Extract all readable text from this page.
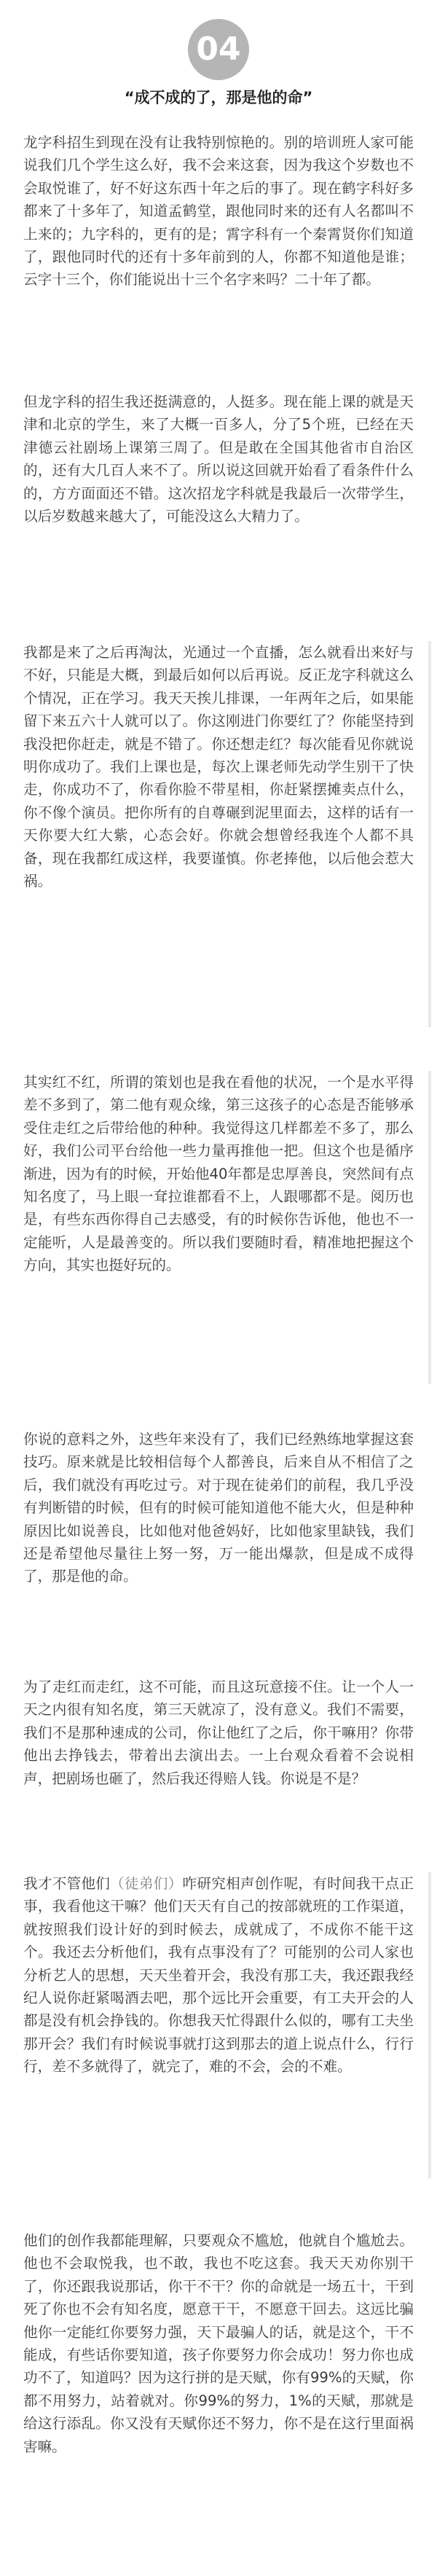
04
“成不成的了，那是他的命”

龙字科招生到现在没有让我特别惊艳的。别的培训班人家可能说我们几个学生这么好，我不会来这套，因为我这个岁数也不会取悦谁了，好不好这东西十年之后的事了。现在鹤字科好多都来了十多年了，知道孟鹤堂，跟他同时来的还有人名都叫不上来的；九字科的，更有的是；霄字科有一个秦霄贤你们知道了，跟他同时代的还有十多年前到的人，你都不知道他是谁；云字十三个，你们能说出十三个名字来吗？二十年了都。

但龙字科的招生我还挺满意的，人挺多。现在能上课的就是天津和北京的学生，来了大概一百多人，分了5个班，已经在天津德云社剧场上课第三周了。但是敢在全国其他省市自治区的，还有大几百人来不了。所以说这回就开始看了看条件什么的，方方面面还不错。这次招龙字科就是我最后一次带学生，以后岁数越来越大了，可能没这么大精力了。

我都是来了之后再淘汰，光通过一个直播，怎么就看出来好与不好，只能是大概，到最后如何以后再说。反正龙字科就这么个情况，正在学习。我天天挨儿排课，一年两年之后，如果能留下来五六十人就可以了。你这刚进门你要红了？你能坚持到我没把你赶走，就是不错了。你还想走红？每次能看见你就说明你成功了。我们上课也是，每次上课老师先动学生别干了快走，你成功不了，你看你脸不带星相，你赶紧摆摊卖点什么，你不像个演员。把你所有的自尊碾到泥里面去，这样的话有一天你要大红大紫，心态会好。你就会想曾经我连个人都不具备，现在我都红成这样，我要谨慎。你老捧他，以后他会惹大祸。

其实红不红，所谓的策划也是我在看他的状况，一个是水平得差不多到了，第二他有观众缘，第三这孩子的心态是否能够承受住走红之后带给他的种种。我觉得这几样都差不多了，那么好，我们公司平台给他一些力量再推他一把。但这个也是循序渐进，因为有的时候，开始他40年都是忠厚善良，突然间有点知名度了，马上眼一耷拉谁都看不上，人跟哪都不是。阅历也是，有些东西你得自己去感受，有的时候你告诉他，他也不一定能听，人是最善变的。所以我们要随时看，精准地把握这个方向，其实也挺好玩的。

你说的意料之外，这些年来没有了，我们已经熟练地掌握这套技巧。原来就是比较相信每个人都善良，后来自从不相信了之后，我们就没有再吃过亏。对于现在徒弟们的前程，我几乎没有判断错的时候，但有的时候可能知道他不能大火，但是种种原因比如说善良，比如他对他爸妈好，比如他家里缺钱，我们还是希望他尽量往上努一努，万一能出爆款，但是成不成得了，那是他的命。

为了走红而走红，这不可能，而且这玩意接不住。让一个人一天之内很有知名度，第三天就凉了，没有意义。我们不需要，我们不是那种速成的公司，你让他红了之后，你干嘛用？你带他出去挣钱去，带着出去演出去。一上台观众看着不会说相声，把剧场也砸了，然后我还得赔人钱。你说是不是？

我才不管他们（徒弟们）咋研究相声创作呢，有时间我干点正事，我看他这干嘛？他们天天有自己的按部就班的工作渠道，就按照我们设计好的到时候去，成就成了，不成你不能干这个。我还去分析他们，我有点事没有了？可能别的公司人家也分析艺人的思想，天天坐着开会，我没有那工夫，我还跟我经纪人说你赶紧喝酒去吧，那个远比开会重要，有工夫开会的人都是没有机会挣钱的。你想我天忙得跟什么似的，哪有工夫坐那开会？我们有时候说事就打这到那去的道上说点什么，行行行，差不多就得了，就完了，难的不会，会的不难。

他们的创作我都能理解，只要观众不尴尬，他就自个尴尬去。他也不会取悦我，也不敢，我也不吃这套。我天天劝你别干了，你还跟我说那话，你干不干？你的命就是一场五十，干到死了你也不会有知名度，愿意干干，不愿意干回去。这远比骗他你一定能红你要努力强，天下最骗人的话，就是这个，干不能成，有些话你要知道，孩子你要努力你会成功！努力你也成功不了，知道吗？因为这行拼的是天赋，你有99%的天赋，你都不用努力，站着就对。你99%的努力，1%的天赋，那就是给这行添乱。你又没有天赋你还不努力，你不是在这行里面祸害嘛。
